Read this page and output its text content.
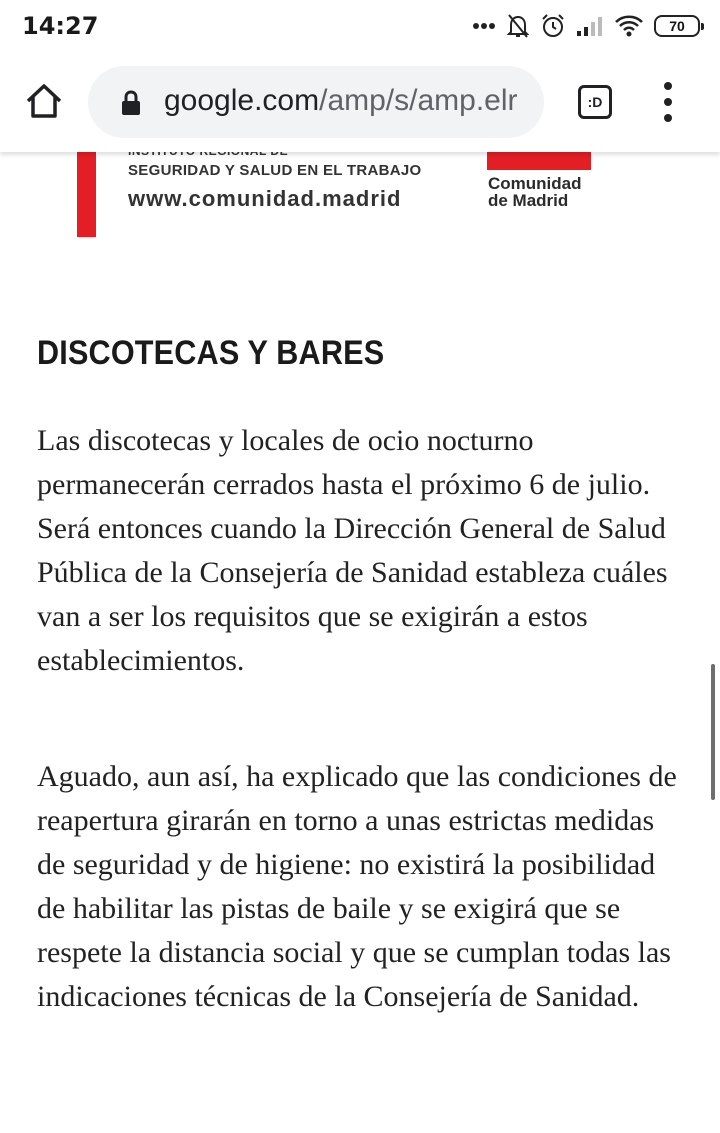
14:27	70
google.com/amp/s/amp.elr	:D
SEGURIDAD Y SALUD EN EL TRABAJO
www.comunidad.madrid
Comunidad
de Madrid
DISCOTECAS Y BARES

Las discotecas y locales de ocio nocturno permanecerán cerrados hasta el próximo 6 de julio. Será entonces cuando la Dirección General de Salud Pública de la Consejería de Sanidad estableza cuáles van a ser los requisitos que se exigirán a estos establecimientos.

Aguado, aun así, ha explicado que las condiciones de reapertura girarán en torno a unas estrictas medidas de seguridad y de higiene: no existirá la posibilidad de habilitar las pistas de baile y se exigirá que se respete la distancia social y que se cumplan todas las indicaciones técnicas de la Consejería de Sanidad.
